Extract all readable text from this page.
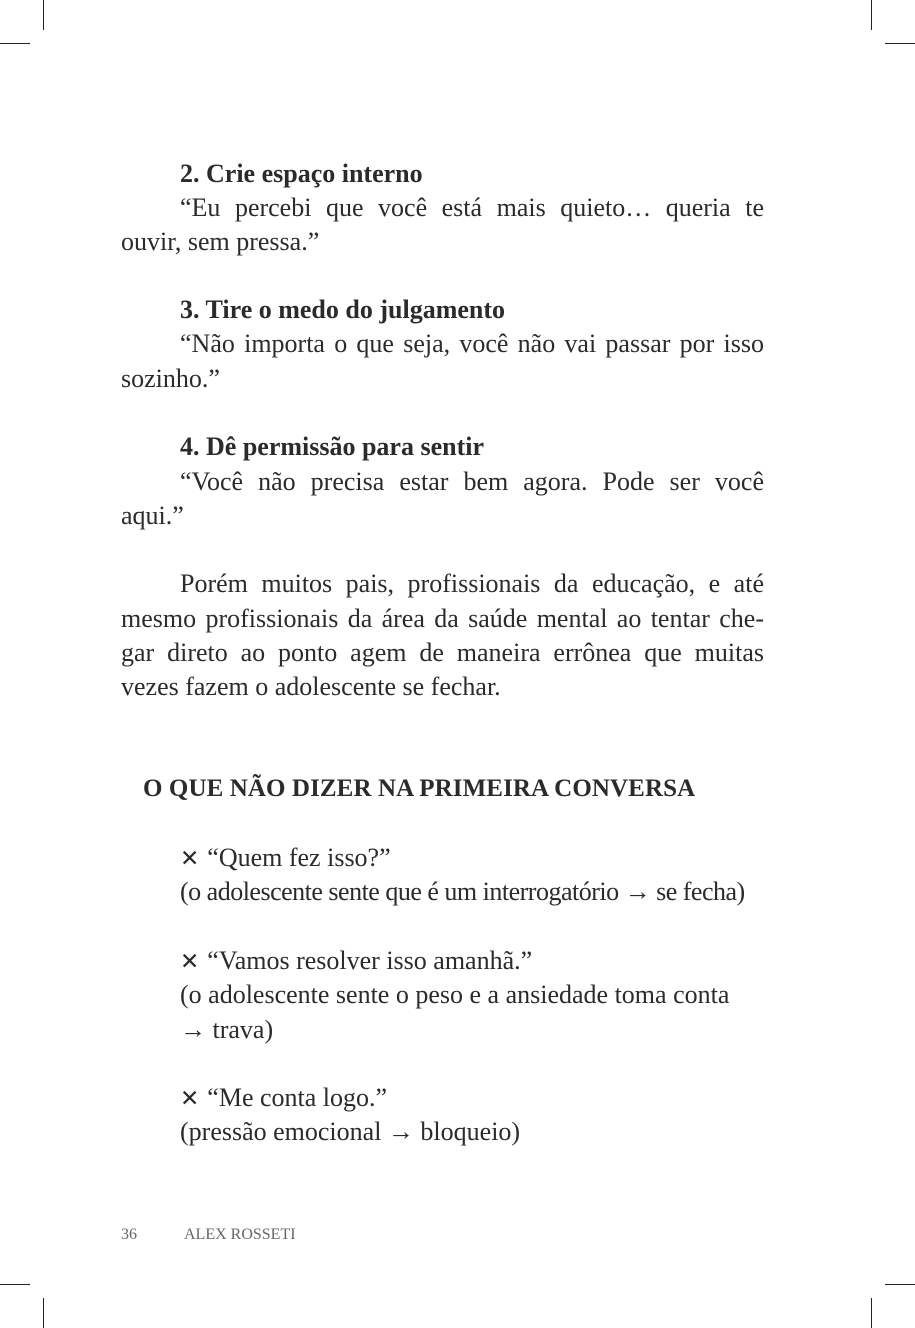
2. Crie espaço interno
“Eu percebi que você está mais quieto… queria te
ouvir, sem pressa.”
3. Tire o medo do julgamento
“Não importa o que seja, você não vai passar por isso
sozinho.”
4. Dê permissão para sentir
“Você não precisa estar bem agora. Pode ser você
aqui.”
Porém muitos pais, profissionais da educação, e até
mesmo profissionais da área da saúde mental ao tentar che-
gar direto ao ponto agem de maneira errônea que muitas
vezes fazem o adolescente se fechar.
O QUE NÃO DIZER NA PRIMEIRA CONVERSA
✕ “Quem fez isso?”
(o adolescente sente que é um interrogatório → se fecha)
✕ “Vamos resolver isso amanhã.”
(o adolescente sente o peso e a ansiedade toma conta
→ trava)
✕ “Me conta logo.”
(pressão emocional → bloqueio)
36	ALEX ROSSETI
